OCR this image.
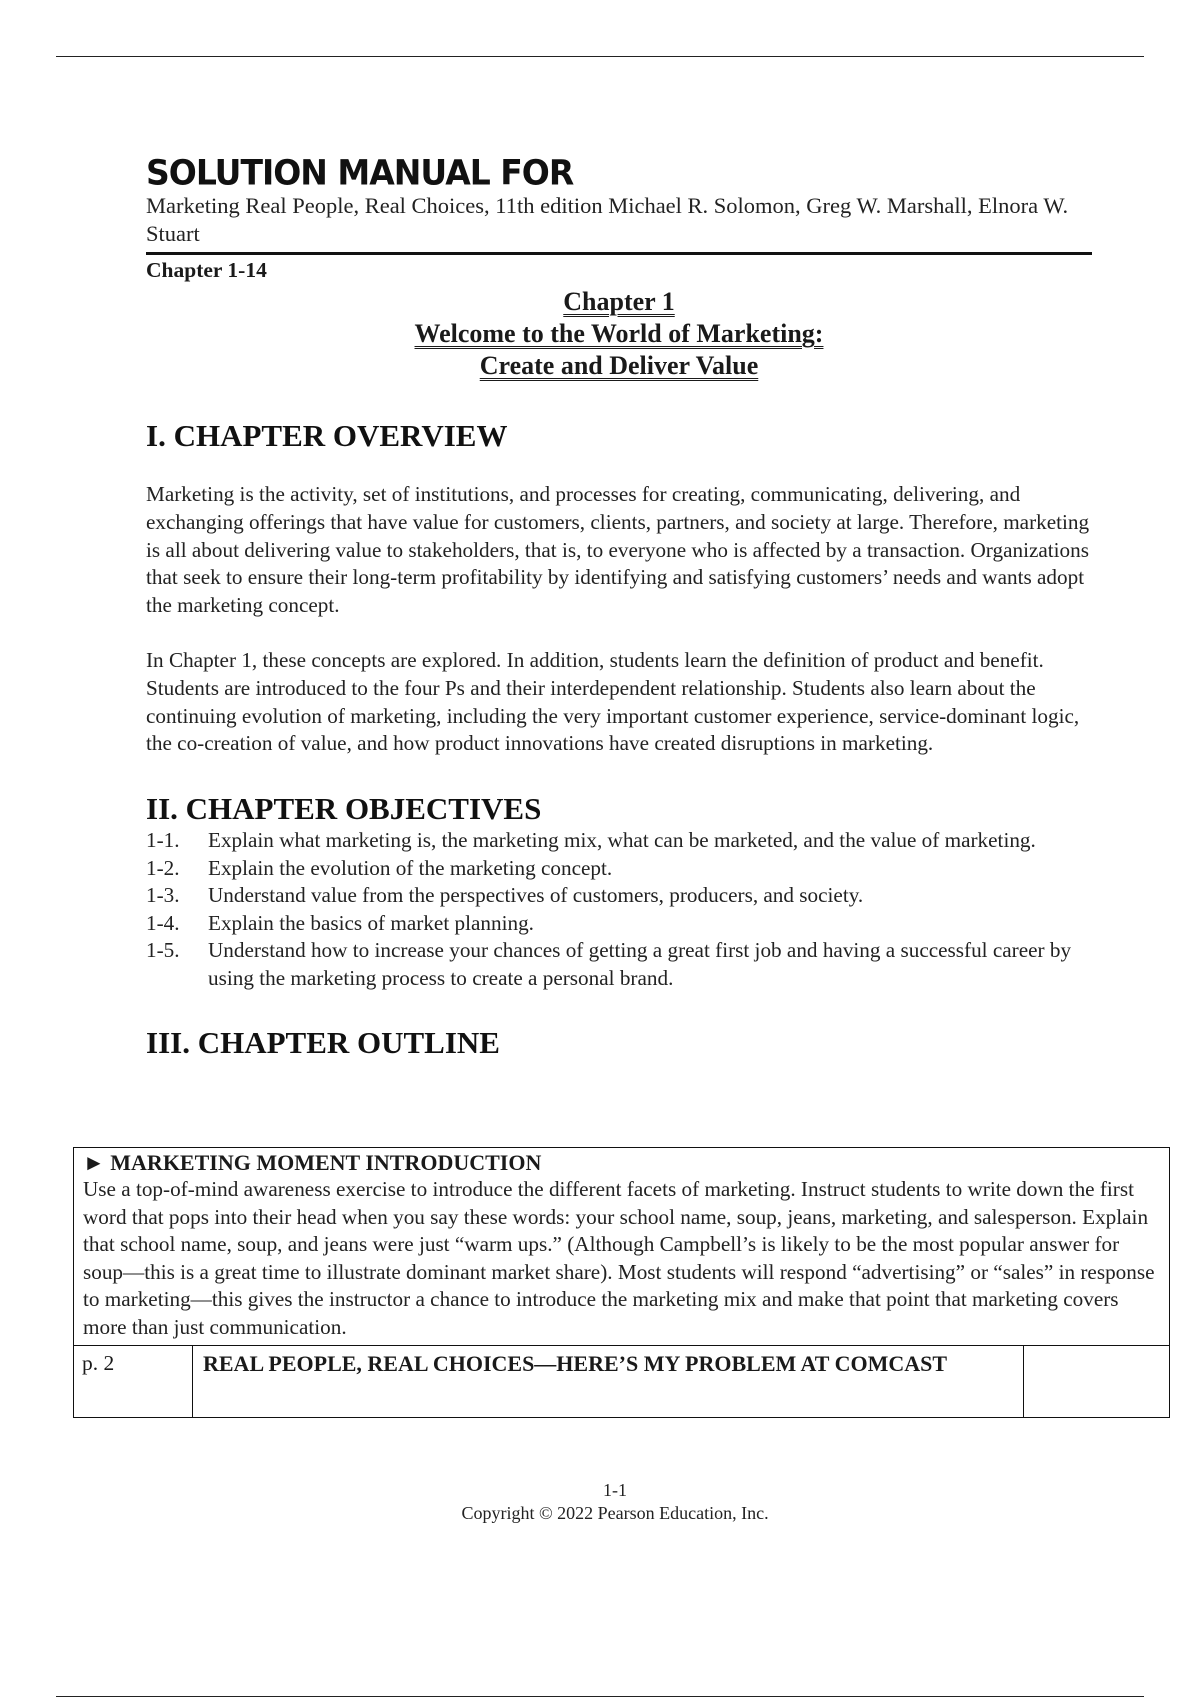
SOLUTION MANUAL FOR

Marketing Real People, Real Choices, 11th edition Michael R. Solomon, Greg W. Marshall, Elnora W. Stuart

Chapter 1-14
Chapter 1
Welcome to the World of Marketing:
Create and Deliver Value
I. CHAPTER OVERVIEW

Marketing is the activity, set of institutions, and processes for creating, communicating, delivering, and exchanging offerings that have value for customers, clients, partners, and society at large. Therefore, marketing is all about delivering value to stakeholders, that is, to everyone who is affected by a transaction. Organizations that seek to ensure their long-term profitability by identifying and satisfying customers’ needs and wants adopt the marketing concept.

In Chapter 1, these concepts are explored. In addition, students learn the definition of product and benefit. Students are introduced to the four Ps and their interdependent relationship. Students also learn about the continuing evolution of marketing, including the very important customer experience, service-dominant logic, the co-creation of value, and how product innovations have created disruptions in marketing.

II. CHAPTER OBJECTIVES
1-1.	Explain what marketing is, the marketing mix, what can be marketed, and the value of marketing.
1-2.	Explain the evolution of the marketing concept.
1-3.	Understand value from the perspectives of customers, producers, and society.
1-4.	Explain the basics of market planning.
1-5.	Understand how to increase your chances of getting a great first job and having a successful career by using the marketing process to create a personal brand.
III. CHAPTER OUTLINE
► MARKETING MOMENT INTRODUCTION

Use a top-of-mind awareness exercise to introduce the different facets of marketing. Instruct students to write down the first word that pops into their head when you say these words: your school name, soup, jeans, marketing, and salesperson. Explain that school name, soup, and jeans were just “warm ups.” (Although Campbell’s is likely to be the most popular answer for soup—this is a great time to illustrate dominant market share). Most students will respond “advertising” or “sales” in response to marketing—this gives the instructor a chance to introduce the marketing mix and make that point that marketing covers more than just communication.

p. 2	REAL PEOPLE, REAL CHOICES—HERE’S MY PROBLEM AT COMCAST
1-1
Copyright © 2022 Pearson Education, Inc.
